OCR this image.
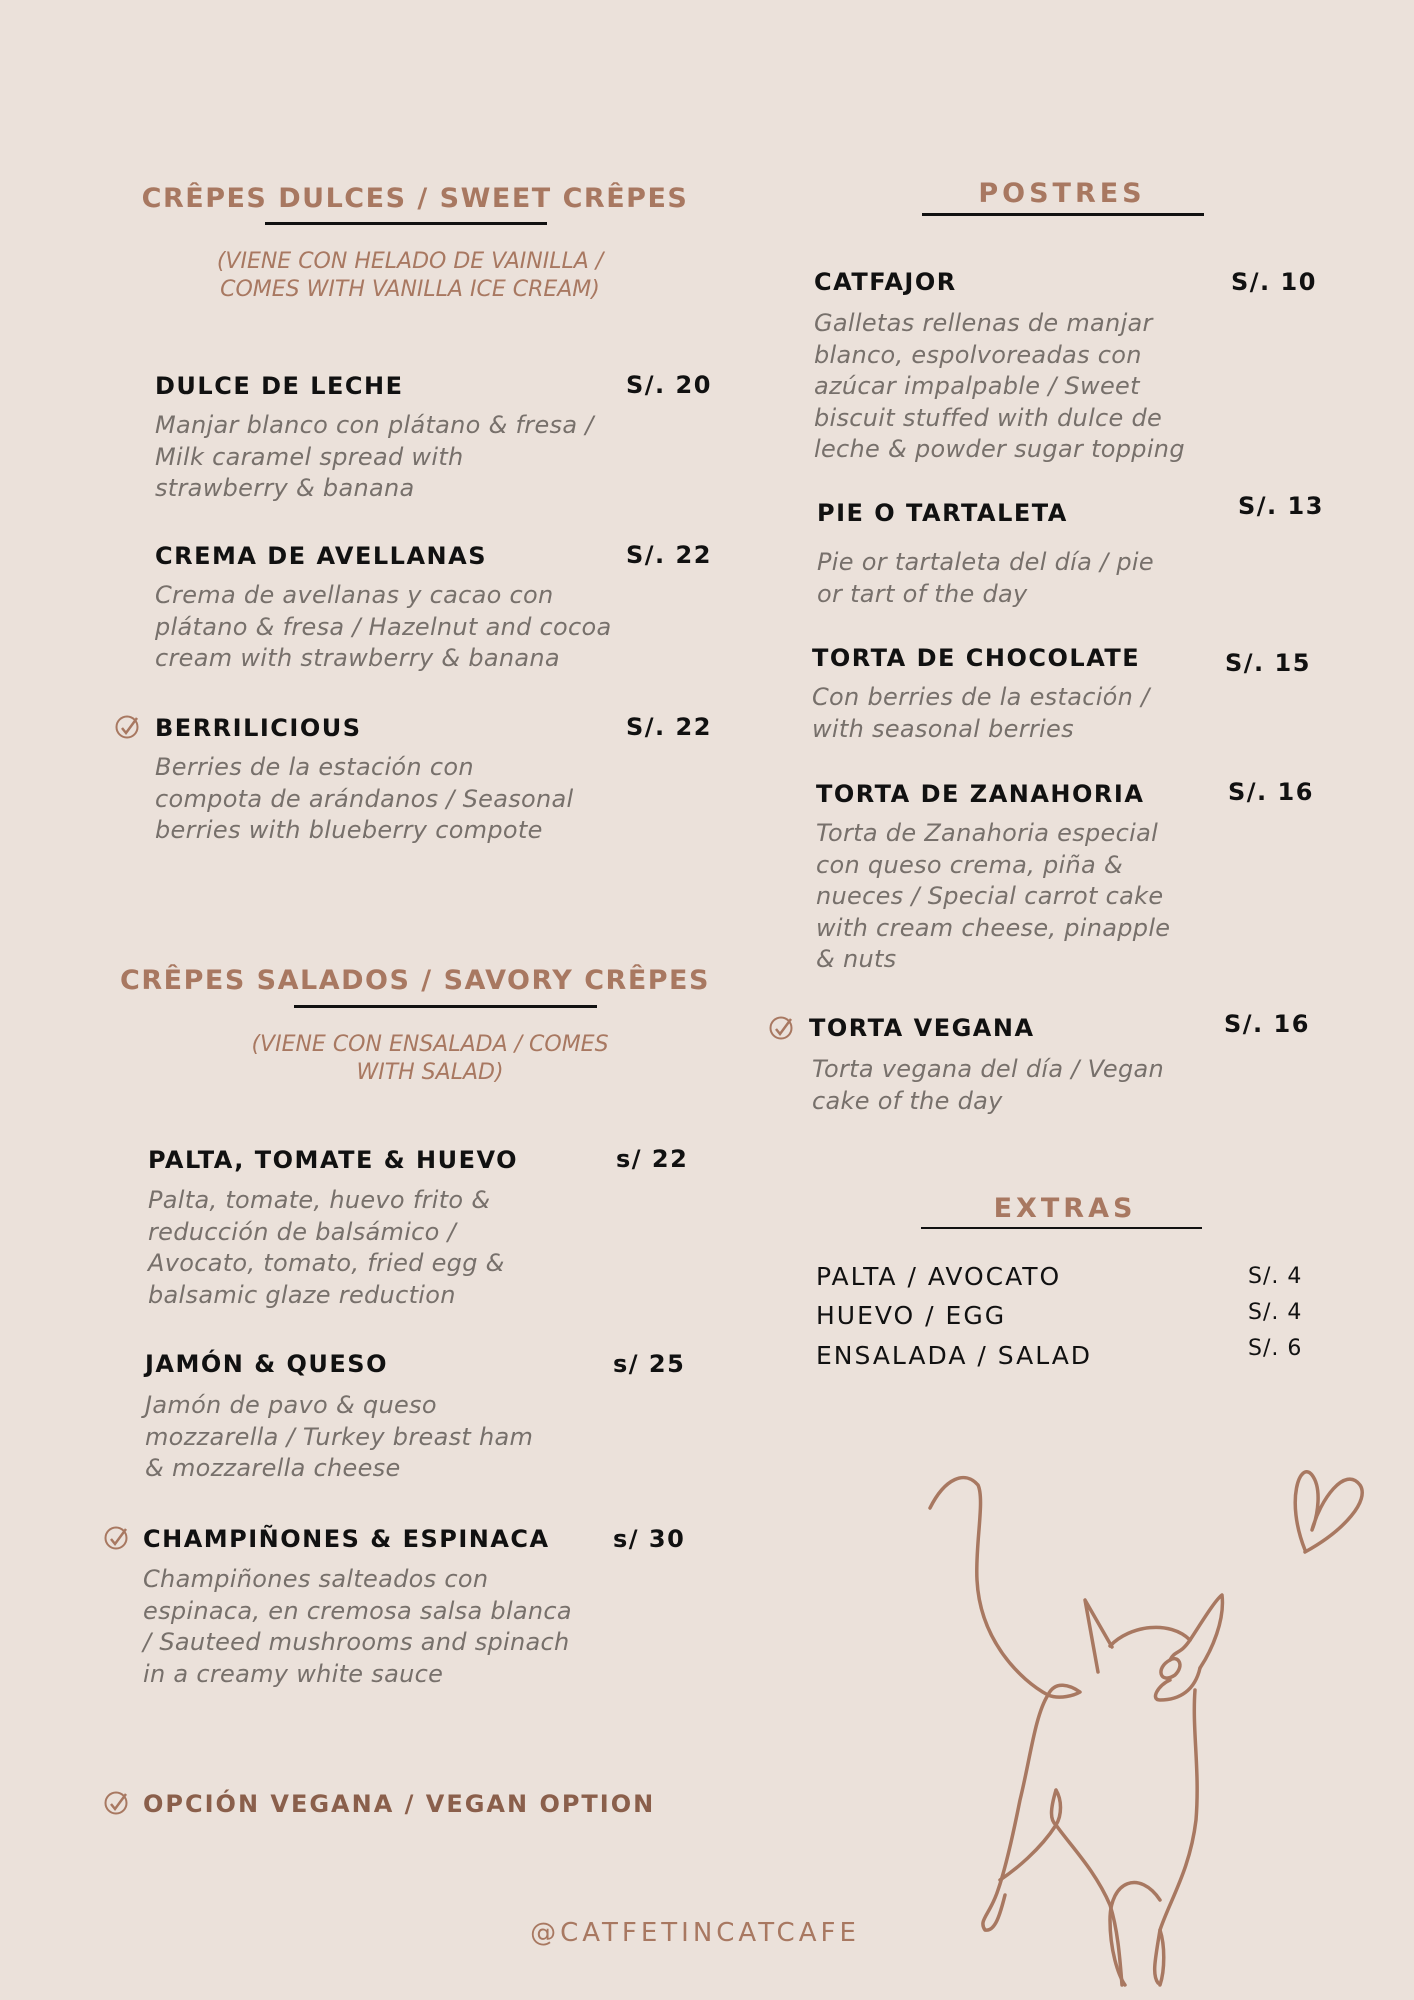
CRÊPES DULCES / SWEET CRÊPES
(VIENE CON HELADO DE VAINILLA /
COMES WITH VANILLA ICE CREAM)
DULCE DE LECHE	S/. 20
Manjar blanco con plátano & fresa /
Milk caramel spread with
strawberry & banana
CREMA DE AVELLANAS	S/. 22
Crema de avellanas y cacao con
plátano & fresa / Hazelnut and cocoa
cream with strawberry & banana
BERRILICIOUS	S/. 22
Berries de la estación con
compota de arándanos / Seasonal
berries with blueberry compote
CRÊPES SALADOS / SAVORY CRÊPES
(VIENE CON ENSALADA / COMES
WITH SALAD)
PALTA, TOMATE & HUEVO	s/ 22
Palta, tomate, huevo frito &
reducción de balsámico /
Avocato, tomato, fried egg &
balsamic glaze reduction
JAMÓN & QUESO	s/ 25
Jamón de pavo & queso
mozzarella / Turkey breast ham
& mozzarella cheese
CHAMPIÑONES & ESPINACA	s/ 30
Champiñones salteados con
espinaca, en cremosa salsa blanca
/ Sauteed mushrooms and spinach
in a creamy white sauce
OPCIÓN VEGANA / VEGAN OPTION
POSTRES
CATFAJOR	S/. 10
Galletas rellenas de manjar
blanco, espolvoreadas con
azúcar impalpable / Sweet
biscuit stuffed with dulce de
leche & powder sugar topping
PIE O TARTALETA	S/. 13
Pie or tartaleta del día / pie
or tart of the day
TORTA DE CHOCOLATE	S/. 15
Con berries de la estación /
with seasonal berries
TORTA DE ZANAHORIA	S/. 16
Torta de Zanahoria especial
con queso crema, piña &
nueces / Special carrot cake
with cream cheese, pinapple
& nuts
TORTA VEGANA	S/. 16
Torta vegana del día / Vegan
cake of the day
EXTRAS
PALTA / AVOCATO	S/. 4
HUEVO / EGG	S/. 4
ENSALADA / SALAD	S/. 6
@CATFETINCATCAFE
